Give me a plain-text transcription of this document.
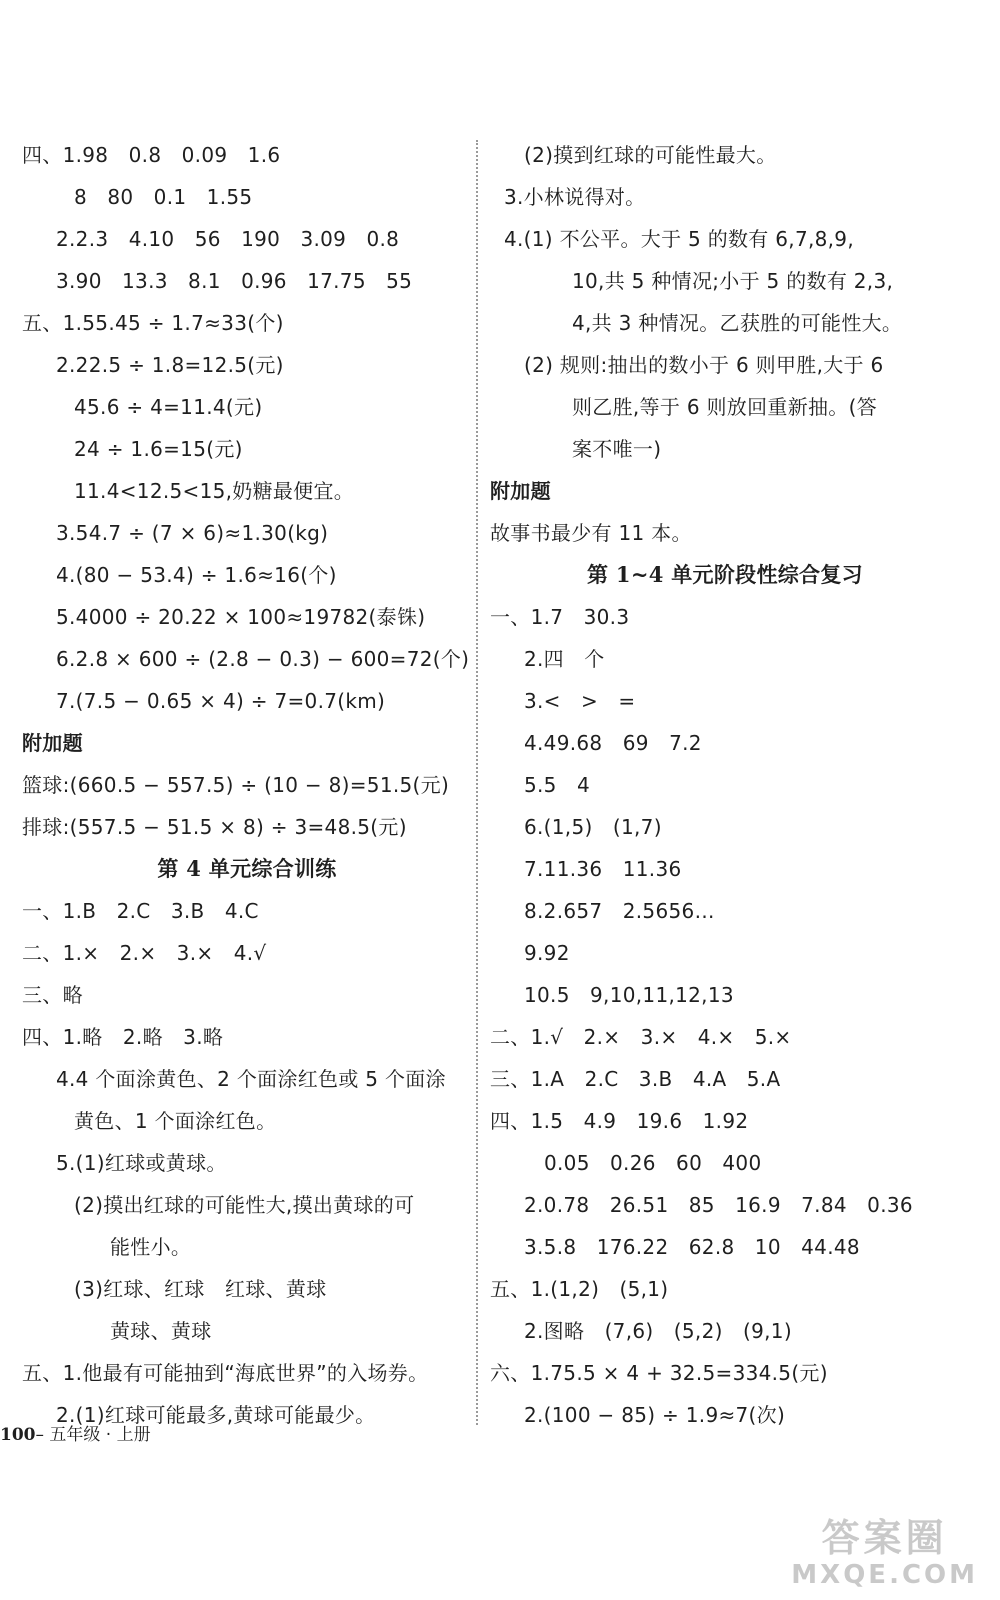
四、1.98　0.8　0.09　1.6
8　80　0.1　1.55
2.2.3　4.10　56　190　3.09　0.8
3.90　13.3　8.1　0.96　17.75　55
五、1.55.45 ÷ 1.7≈33(个)
2.22.5 ÷ 1.8=12.5(元)
45.6 ÷ 4=11.4(元)
24 ÷ 1.6=15(元)
11.4<12.5<15,奶糖最便宜。
3.54.7 ÷ (7 × 6)≈1.30(kg)
4.(80 − 53.4) ÷ 1.6≈16(个)
5.4000 ÷ 20.22 × 100≈19782(泰铢)
6.2.8 × 600 ÷ (2.8 − 0.3) − 600=72(个)
7.(7.5 − 0.65 × 4) ÷ 7=0.7(km)
附加题
篮球:(660.5 − 557.5) ÷ (10 − 8)=51.5(元)
排球:(557.5 − 51.5 × 8) ÷ 3=48.5(元)
第 4 单元综合训练
一、1.B　2.C　3.B　4.C
二、1.×　2.×　3.×　4.√
三、略
四、1.略　2.略　3.略
4.4 个面涂黄色、2 个面涂红色或 5 个面涂
黄色、1 个面涂红色。
5.(1)红球或黄球。
(2)摸出红球的可能性大,摸出黄球的可
能性小。
(3)红球、红球　红球、黄球
黄球、黄球
五、1.他最有可能抽到“海底世界”的入场券。
2.(1)红球可能最多,黄球可能最少。
(2)摸到红球的可能性最大。
3.小林说得对。
4.(1) 不公平。大于 5 的数有 6,7,8,9,
10,共 5 种情况;小于 5 的数有 2,3,
4,共 3 种情况。乙获胜的可能性大。
(2) 规则:抽出的数小于 6 则甲胜,大于 6
则乙胜,等于 6 则放回重新抽。(答
案不唯一)
附加题
故事书最少有 11 本。
第 1~4 单元阶段性综合复习
一、1.7　30.3
2.四　个
3.<　>　=
4.49.68　69　7.2
5.5　4
6.(1,5)　(1,7)
7.11.36　11.36
8.2.657　2.5656…
9.92
10.5　9,10,11,12,13
二、1.√　2.×　3.×　4.×　5.×
三、1.A　2.C　3.B　4.A　5.A
四、1.5　4.9　19.6　1.92
0.05　0.26　60　400
2.0.78　26.51　85　16.9　7.84　0.36
3.5.8　176.22　62.8　10　44.48
五、1.(1,2)　(5,1)
2.图略　(7,6)　(5,2)　(9,1)
六、1.75.5 × 4 + 32.5=334.5(元)
2.(100 − 85) ÷ 1.9≈7(次)
100– 五年级 · 上册
答案圈
MXQE.COM
